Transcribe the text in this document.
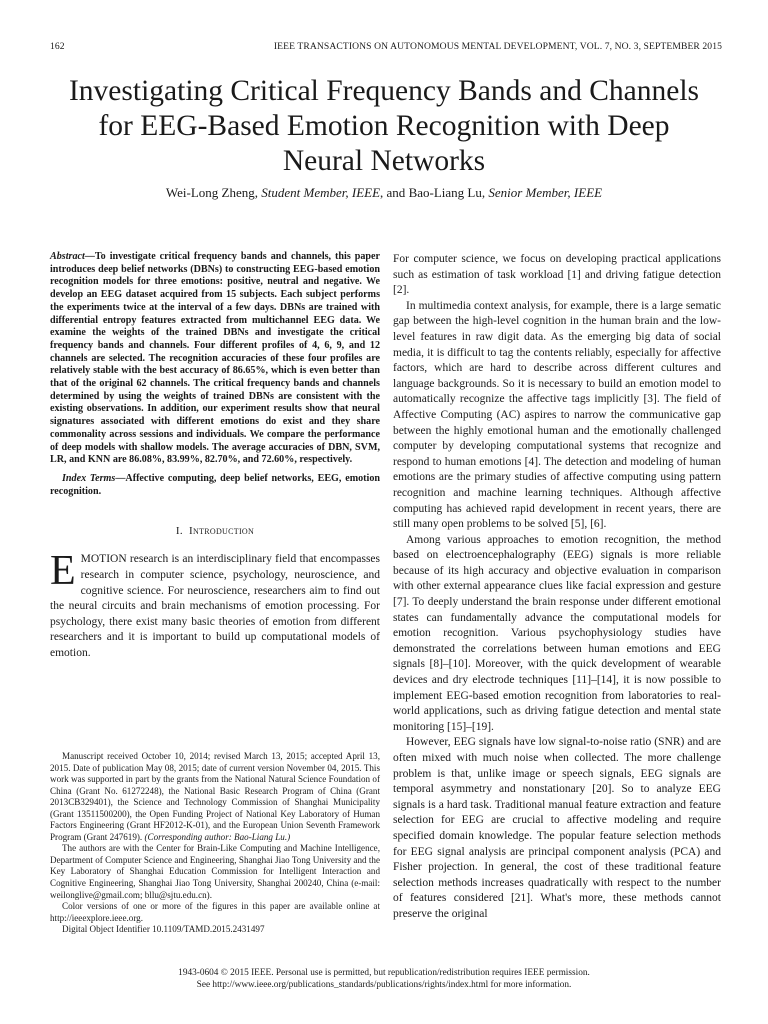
162	IEEE TRANSACTIONS ON AUTONOMOUS MENTAL DEVELOPMENT, VOL. 7, NO. 3, SEPTEMBER 2015
Investigating Critical Frequency Bands and Channels
for EEG-Based Emotion Recognition with Deep
Neural Networks
Wei-Long Zheng, Student Member, IEEE, and Bao-Liang Lu, Senior Member, IEEE

Abstract—To investigate critical frequency bands and channels, this paper introduces deep belief networks (DBNs) to constructing EEG-based emotion recognition models for three emotions: positive, neutral and negative. We develop an EEG dataset acquired from 15 subjects. Each subject performs the experiments twice at the interval of a few days. DBNs are trained with differential entropy features extracted from multichannel EEG data. We examine the weights of the trained DBNs and investigate the critical frequency bands and channels. Four different profiles of 4, 6, 9, and 12 channels are selected. The recognition accuracies of these four profiles are relatively stable with the best accuracy of 86.65%, which is even better than that of the original 62 channels. The critical frequency bands and channels determined by using the weights of trained DBNs are consistent with the existing observations. In addition, our experiment results show that neural signatures associated with different emotions do exist and they share commonality across sessions and individuals. We compare the performance of deep models with shallow models. The average accuracies of DBN, SVM, LR, and KNN are 86.08%, 83.99%, 82.70%, and 72.60%, respectively.

Index Terms—Affective computing, deep belief networks, EEG, emotion recognition.

I. Introduction

EMOTION research is an interdisciplinary field that encompasses research in computer science, psychology, neuroscience, and cognitive science. For neuroscience, researchers aim to find out the neural circuits and brain mechanisms of emotion processing. For psychology, there exist many basic theories of emotion from different researchers and it is important to build up computational models of emotion.

Manuscript received October 10, 2014; revised March 13, 2015; accepted April 13, 2015. Date of publication May 08, 2015; date of current version November 04, 2015. This work was supported in part by the grants from the National Natural Science Foundation of China (Grant No. 61272248), the National Basic Research Program of China (Grant 2013CB329401), the Science and Technology Commission of Shanghai Municipality (Grant 13511500200), the Open Funding Project of National Key Laboratory of Human Factors Engineering (Grant HF2012-K-01), and the European Union Seventh Framework Program (Grant 247619). (Corresponding author: Bao-Liang Lu.)

The authors are with the Center for Brain-Like Computing and Machine Intelligence, Department of Computer Science and Engineering, Shanghai Jiao Tong University and the Key Laboratory of Shanghai Education Commission for Intelligent Interaction and Cognitive Engineering, Shanghai Jiao Tong University, Shanghai 200240, China (e-mail: weilonglive@gmail.com; bllu@sjtu.edu.cn).

Color versions of one or more of the figures in this paper are available online at http://ieeexplore.ieee.org.

Digital Object Identifier 10.1109/TAMD.2015.2431497

For computer science, we focus on developing practical applications such as estimation of task workload [1] and driving fatigue detection [2].

In multimedia context analysis, for example, there is a large sematic gap between the high-level cognition in the human brain and the low-level features in raw digit data. As the emerging big data of social media, it is difficult to tag the contents reliably, especially for affective factors, which are hard to describe across different cultures and language backgrounds. So it is necessary to build an emotion model to automatically recognize the affective tags implicitly [3]. The field of Affective Computing (AC) aspires to narrow the communicative gap between the highly emotional human and the emotionally challenged computer by developing computational systems that recognize and respond to human emotions [4]. The detection and modeling of human emotions are the primary studies of affective computing using pattern recognition and machine learning techniques. Although affective computing has achieved rapid development in recent years, there are still many open problems to be solved [5], [6].

Among various approaches to emotion recognition, the method based on electroencephalography (EEG) signals is more reliable because of its high accuracy and objective evaluation in comparison with other external appearance clues like facial expression and gesture [7]. To deeply understand the brain response under different emotional states can fundamentally advance the computational models for emotion recognition. Various psychophysiology studies have demonstrated the correlations between human emotions and EEG signals [8]–[10]. Moreover, with the quick development of wearable devices and dry electrode techniques [11]–[14], it is now possible to implement EEG-based emotion recognition from laboratories to real-world applications, such as driving fatigue detection and mental state monitoring [15]–[19].

However, EEG signals have low signal-to-noise ratio (SNR) and are often mixed with much noise when collected. The more challenge problem is that, unlike image or speech signals, EEG signals are temporal asymmetry and nonstationary [20]. So to analyze EEG signals is a hard task. Traditional manual feature extraction and feature selection for EEG are crucial to affective modeling and require specified domain knowledge. The popular feature selection methods for EEG signal analysis are principal component analysis (PCA) and Fisher projection. In general, the cost of these traditional feature selection methods increases quadratically with respect to the number of features considered [21]. What's more, these methods cannot preserve the original

1943-0604 © 2015 IEEE. Personal use is permitted, but republication/redistribution requires IEEE permission.
See http://www.ieee.org/publications_standards/publications/rights/index.html for more information.
